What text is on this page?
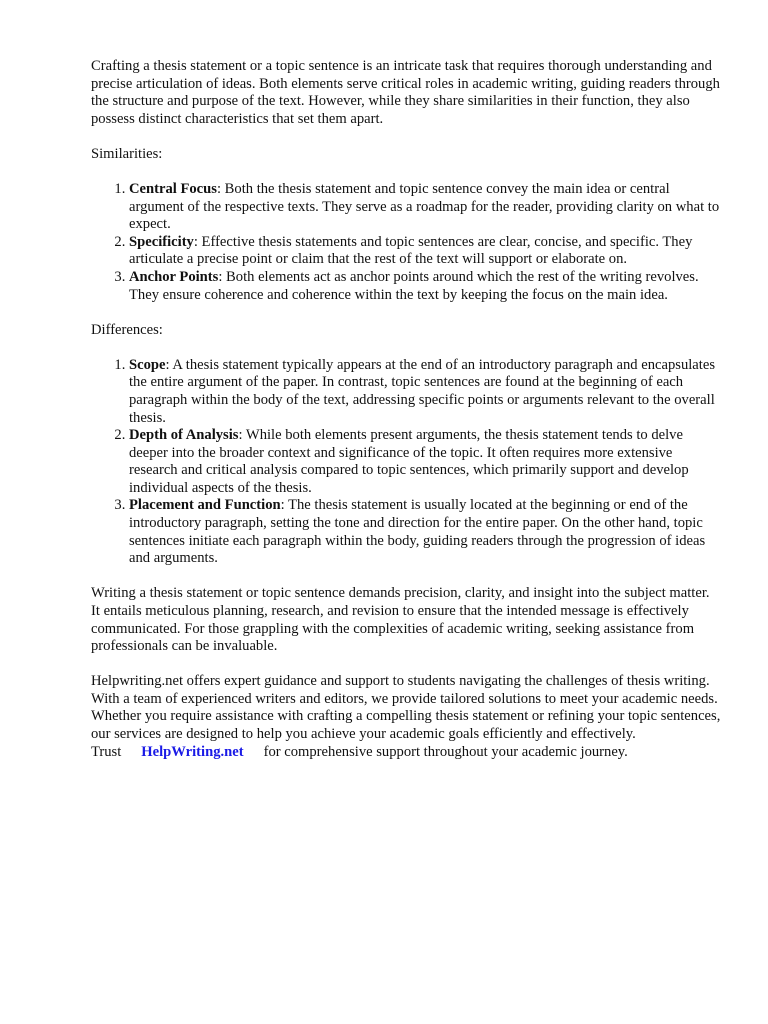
Crafting a thesis statement or a topic sentence is an intricate task that requires thorough understanding and precise articulation of ideas. Both elements serve critical roles in academic writing, guiding readers through the structure and purpose of the text. However, while they share similarities in their function, they also possess distinct characteristics that set them apart.

Similarities:

1. Central Focus: Both the thesis statement and topic sentence convey the main idea or central argument of the respective texts. They serve as a roadmap for the reader, providing clarity on what to expect.
2. Specificity: Effective thesis statements and topic sentences are clear, concise, and specific. They articulate a precise point or claim that the rest of the text will support or elaborate on.
3. Anchor Points: Both elements act as anchor points around which the rest of the writing revolves. They ensure coherence and coherence within the text by keeping the focus on the main idea.

Differences:

1. Scope: A thesis statement typically appears at the end of an introductory paragraph and encapsulates the entire argument of the paper. In contrast, topic sentences are found at the beginning of each paragraph within the body of the text, addressing specific points or arguments relevant to the overall thesis.
2. Depth of Analysis: While both elements present arguments, the thesis statement tends to delve deeper into the broader context and significance of the topic. It often requires more extensive research and critical analysis compared to topic sentences, which primarily support and develop individual aspects of the thesis.
3. Placement and Function: The thesis statement is usually located at the beginning or end of the introductory paragraph, setting the tone and direction for the entire paper. On the other hand, topic sentences initiate each paragraph within the body, guiding readers through the progression of ideas and arguments.

Writing a thesis statement or topic sentence demands precision, clarity, and insight into the subject matter. It entails meticulous planning, research, and revision to ensure that the intended message is effectively communicated. For those grappling with the complexities of academic writing, seeking assistance from professionals can be invaluable.

Helpwriting.net offers expert guidance and support to students navigating the challenges of thesis writing. With a team of experienced writers and editors, we provide tailored solutions to meet your academic needs. Whether you require assistance with crafting a compelling thesis statement or refining your topic sentences, our services are designed to help you achieve your academic goals efficiently and effectively. Trust HelpWriting.net for comprehensive support throughout your academic journey.
